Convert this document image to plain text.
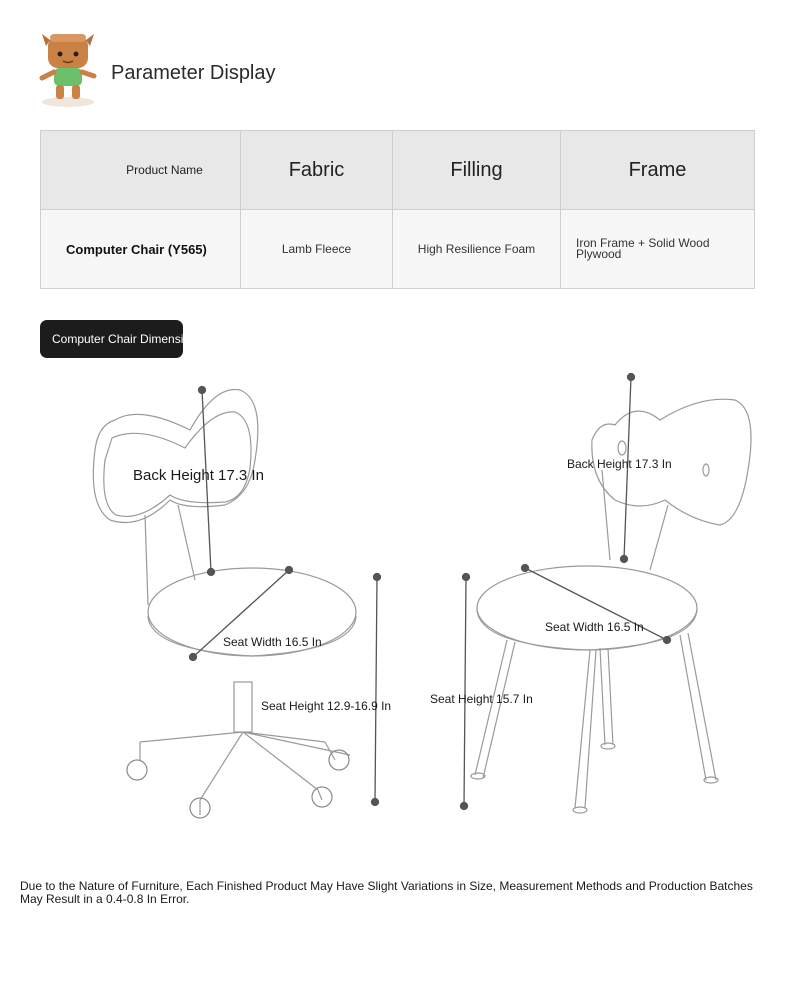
Parameter Display
Product Name	Fabric	Filling	Frame
Computer Chair (Y565)	Lamb Fleece	High Resilience Foam	Iron Frame + Solid Wood Plywood
Computer Chair Dimensi
Back Height 17.3 In
Seat Width 16.5 In
Seat Height 12.9-16.9 In
Back Height 17.3 In
Seat Width 16.5 In
Seat Height 15.7 In
Due to the Nature of Furniture, Each Finished Product May Have Slight Variations in Size, Measurement Methods and Production Batches May Result in a 0.4-0.8 In Error.
